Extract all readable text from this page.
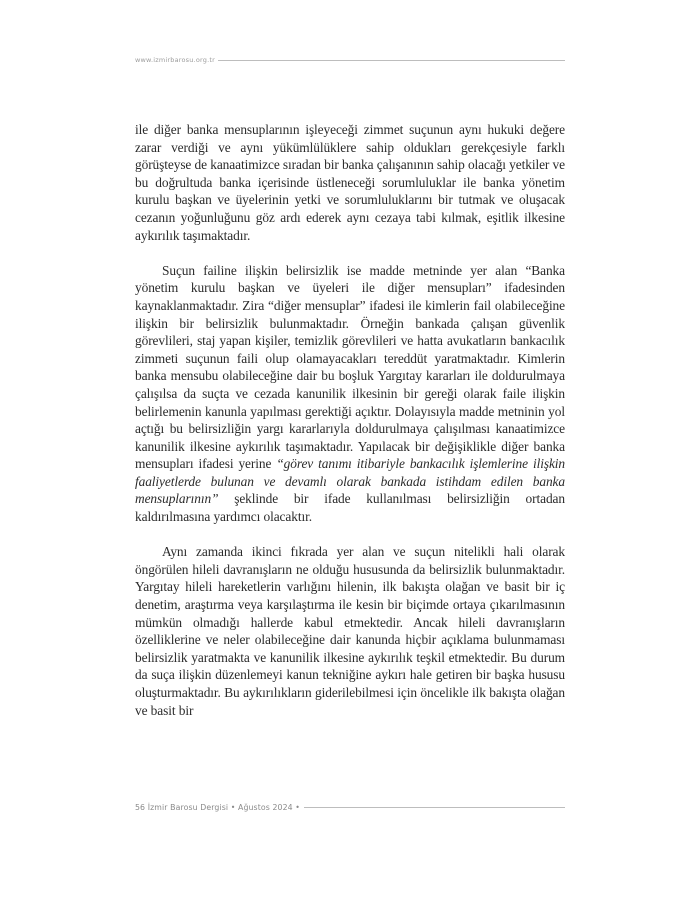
www.izmirbarosu.org.tr

ile diğer banka mensuplarının işleyeceği zimmet suçunun aynı hukuki değere zarar verdiği ve aynı yükümlülüklere sahip oldukları gerekçesiyle farklı görüşteyse de kanaatimizce sıradan bir banka çalışanının sahip olacağı yetkiler ve bu doğrultuda banka içerisinde üstleneceği sorumluluklar ile banka yönetim kurulu başkan ve üyelerinin yetki ve sorumluluklarını bir tutmak ve oluşacak cezanın yoğunluğunu göz ardı ederek aynı cezaya tabi kılmak, eşitlik ilkesine aykırılık taşımaktadır.

Suçun failine ilişkin belirsizlik ise madde metninde yer alan “Banka yönetim kurulu başkan ve üyeleri ile diğer mensupları” ifadesinden kaynaklanmaktadır. Zira “diğer mensuplar” ifadesi ile kimlerin fail olabileceğine ilişkin bir belirsizlik bulunmaktadır. Örneğin bankada çalışan güvenlik görevlileri, staj yapan kişiler, temizlik görevlileri ve hatta avukatların bankacılık zimmeti suçunun faili olup olamayacakları tereddüt yaratmaktadır. Kimlerin banka mensubu olabileceğine dair bu boşluk Yargıtay kararları ile doldurulmaya çalışılsa da suçta ve cezada kanunilik ilkesinin bir gereği olarak faile ilişkin belirlemenin kanunla yapılması gerektiği açıktır. Dolayısıyla madde metninin yol açtığı bu belirsizliğin yargı kararlarıyla doldurulmaya çalışılması kanaatimizce kanunilik ilkesine aykırılık taşımaktadır. Yapılacak bir değişiklikle diğer banka mensupları ifadesi yerine “görev tanımı itibariyle bankacılık işlemlerine ilişkin faaliyetlerde bulunan ve devamlı olarak bankada istihdam edilen banka mensuplarının” şeklinde bir ifade kullanılması belirsizliğin ortadan kaldırılmasına yardımcı olacaktır.

Aynı zamanda ikinci fıkrada yer alan ve suçun nitelikli hali olarak öngörülen hileli davranışların ne olduğu hususunda da belirsizlik bulunmaktadır. Yargıtay hileli hareketlerin varlığını hilenin, ilk bakışta olağan ve basit bir iç denetim, araştırma veya karşılaştırma ile kesin bir biçimde ortaya çıkarılmasının mümkün olmadığı hallerde kabul etmektedir. Ancak hileli davranışların özelliklerine ve neler olabileceğine dair kanunda hiçbir açıklama bulunmaması belirsizlik yaratmakta ve kanunilik ilkesine aykırılık teşkil etmektedir. Bu durum da suça ilişkin düzenlemeyi kanun tekniğine aykırı hale getiren bir başka hususu oluşturmaktadır. Bu aykırılıkların giderilebilmesi için öncelikle ilk bakışta olağan ve basit bir

56 İzmir Barosu Dergisi • Ağustos 2024 •
